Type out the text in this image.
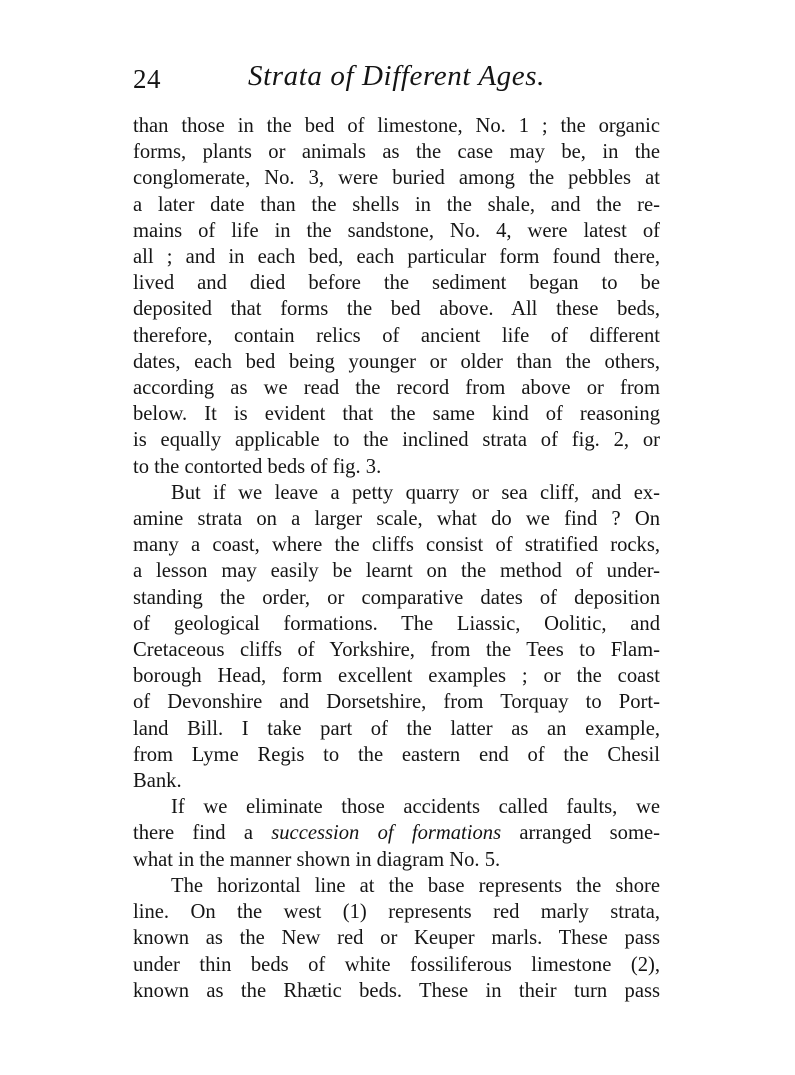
24	Strata of Different Ages.

than those in the bed of limestone, No. 1 ; the organic
forms, plants or animals as the case may be, in the
conglomerate, No. 3, were buried among the pebbles at
a later date than the shells in the shale, and the re-
mains of life in the sandstone, No. 4, were latest of
all ; and in each bed, each particular form found there,
lived and died before the sediment began to be
deposited that forms the bed above. All these beds,
therefore, contain relics of ancient life of different
dates, each bed being younger or older than the others,
according as we read the record from above or from
below. It is evident that the same kind of reasoning
is equally applicable to the inclined strata of fig. 2, or
to the contorted beds of fig. 3.

But if we leave a petty quarry or sea cliff, and ex-
amine strata on a larger scale, what do we find ? On
many a coast, where the cliffs consist of stratified rocks,
a lesson may easily be learnt on the method of under-
standing the order, or comparative dates of deposition
of geological formations. The Liassic, Oolitic, and
Cretaceous cliffs of Yorkshire, from the Tees to Flam-
borough Head, form excellent examples ; or the coast
of Devonshire and Dorsetshire, from Torquay to Port-
land Bill. I take part of the latter as an example,
from Lyme Regis to the eastern end of the Chesil
Bank.

If we eliminate those accidents called faults, we
there find a succession of formations arranged some-
what in the manner shown in diagram No. 5.

The horizontal line at the base represents the shore
line. On the west (1) represents red marly strata,
known as the New red or Keuper marls. These pass
under thin beds of white fossiliferous limestone (2),
known as the Rhætic beds. These in their turn pass
